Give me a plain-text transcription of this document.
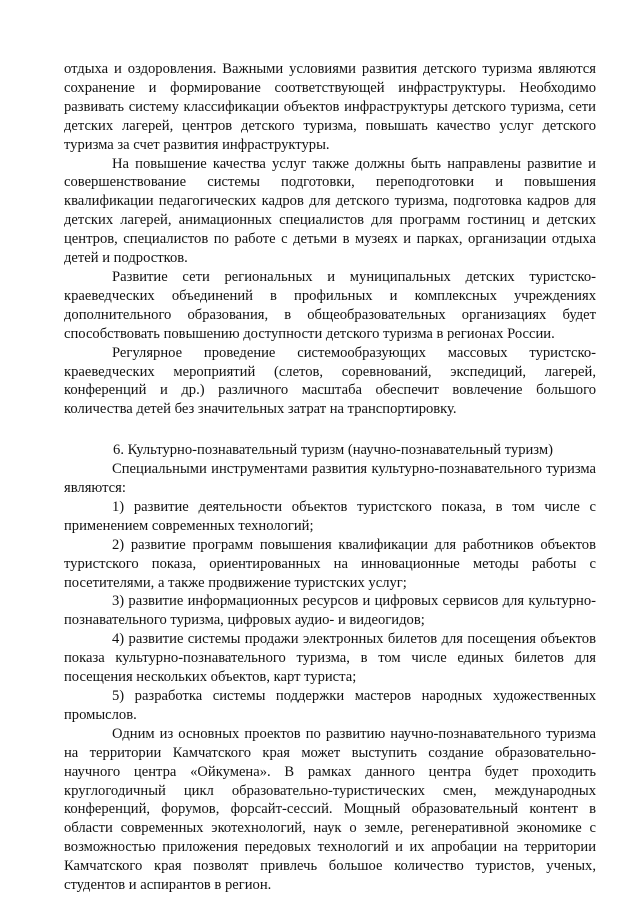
отдыха и оздоровления. Важными условиями развития детского туризма являются сохранение и формирование соответствующей инфраструктуры. Необходимо развивать систему классификации объектов инфраструктуры детского туризма, сети детских лагерей, центров детского туризма, повышать качество услуг детского туризма за счет развития инфраструктуры.

На повышение качества услуг также должны быть направлены развитие и совершенствование системы подготовки, переподготовки и повышения квалификации педагогических кадров для детского туризма, подготовка кадров для детских лагерей, анимационных специалистов для программ гостиниц и детских центров, специалистов по работе с детьми в музеях и парках, организации отдыха детей и подростков.

Развитие сети региональных и муниципальных детских туристско-краеведческих объединений в профильных и комплексных учреждениях дополнительного образования, в общеобразовательных организациях будет способствовать повышению доступности детского туризма в регионах России.

Регулярное проведение системообразующих массовых туристско-краеведческих мероприятий (слетов, соревнований, экспедиций, лагерей, конференций и др.) различного масштаба обеспечит вовлечение большого количества детей без значительных затрат на транспортировку.

6. Культурно-познавательный туризм (научно-познавательный туризм)

Специальными инструментами развития культурно-познавательного туризма являются:

1) развитие деятельности объектов туристского показа, в том числе с применением современных технологий;

2) развитие программ повышения квалификации для работников объектов туристского показа, ориентированных на инновационные методы работы с посетителями, а также продвижение туристских услуг;

3) развитие информационных ресурсов и цифровых сервисов для культурно-познавательного туризма, цифровых аудио- и видеогидов;

4) развитие системы продажи электронных билетов для посещения объектов показа культурно-познавательного туризма, в том числе единых билетов для посещения нескольких объектов, карт туриста;

5) разработка системы поддержки мастеров народных художественных промыслов.

Одним из основных проектов по развитию научно-познавательного туризма на территории Камчатского края может выступить создание образовательно-научного центра «Ойкумена». В рамках данного центра будет проходить круглогодичный цикл образовательно-туристических смен, международных конференций, форумов, форсайт-сессий. Мощный образовательный контент в области современных экотехнологий, наук о земле, регенеративной экономике с возможностью приложения передовых технологий и их апробации на территории Камчатского края позволят привлечь большое количество туристов, ученых, студентов и аспирантов в регион.
